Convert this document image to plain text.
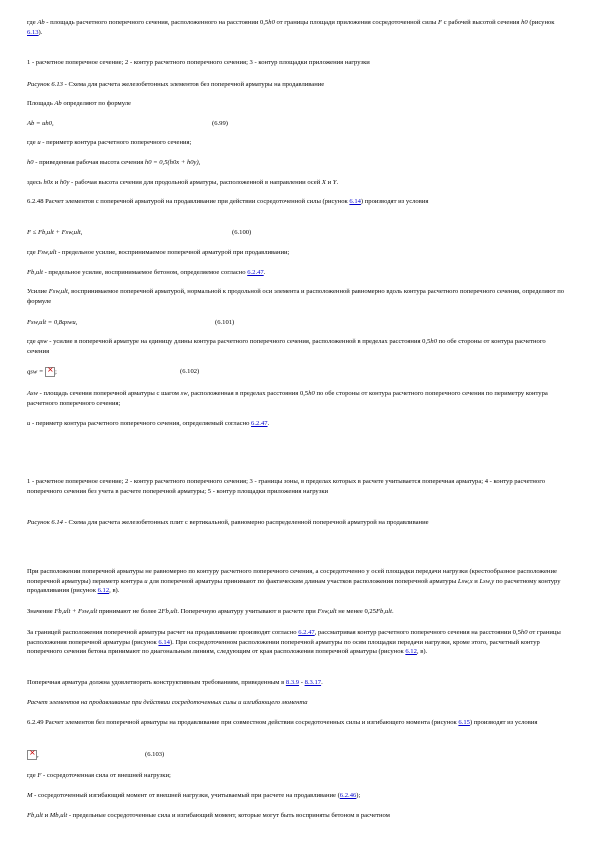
где Ab - площадь расчетного поперечного сечения, расположенного на расстоянии 0,5h0 от границы площади приложения сосредоточенной силы F с рабочей высотой сечения h0 (рисунок 6.13).

1 - расчетное поперечное сечение; 2 - контур расчетного поперечного сечения; 3 - контур площадки приложения нагрузки

Рисунок 6.13 - Схема для расчета железобетонных элементов без поперечной арматуры на продавливание

Площадь Ab определяют по формуле

Ab = uh0,	(6.99)

где u - периметр контура расчетного поперечного сечения;

h0 - приведенная рабочая высота сечения h0 = 0,5(h0x + h0y),

здесь h0x и h0y - рабочая высота сечения для продольной арматуры, расположенной в направлении осей X и Y.

6.2.48 Расчет элементов с поперечной арматурой на продавливание при действии сосредоточенной силы (рисунок 6.14) производят из условия

F ≤ Fb,ult + Fsw,ult,	(6.100)

где Fsw,ult - предельное усилие, воспринимаемое поперечной арматурой при продавливании;

Fb,ult - предельное усилие, воспринимаемое бетоном, определяемое согласно 6.2.47.

Усилие Fsw,ult, воспринимаемое поперечной арматурой, нормальной к продольной оси элемента и расположенной равномерно вдоль контура расчетного поперечного сечения, определяют по формуле

Fsw,ult = 0,8qswu,	(6.101)

где qsw - усилие в поперечной арматуре на единицу длины контура расчетного поперечного сечения, расположенной в пределах расстояния 0,5h0 по обе стороны от контура расчетного сечения

qsw = ×;	(6.102)

Asw - площадь сечения поперечной арматуры с шагом sw, расположенная в пределах расстояния 0,5h0 по обе стороны от контура расчетного поперечного сечения по периметру контура расчетного поперечного сечения;

u - периметр контура расчетного поперечного сечения, определяемый согласно 6.2.47.

1 - расчетное поперечное сечение; 2 - контур расчетного поперечного сечения; 3 - границы зоны, в пределах которых в расчете учитывается поперечная арматура; 4 - контур расчетного поперечного сечения без учета в расчете поперечной арматуры; 5 - контур площадки приложения нагрузки

Рисунок 6.14 - Схема для расчета железобетонных плит с вертикальной, равномерно распределенной поперечной арматурой на продавливание

При расположении поперечной арматуры не равномерно по контуру расчетного поперечного сечения, а сосредоточенно у осей площадки передачи нагрузки (крестообразное расположение поперечной арматуры) периметр контура u для поперечной арматуры принимают по фактическим длинам участков расположения поперечной арматуры Lsw,x и Lsw,y по расчетному контуру продавливания (рисунок 6.12, в).

Значение Fb,ult + Fsw,ult принимают не более 2Fb,ult. Поперечную арматуру учитывают в расчете при Fsw,ult не менее 0,25Fb,ult.

За границей расположения поперечной арматуры расчет на продавливание производят согласно 6.2.47, рассматривая контур расчетного поперечного сечения на расстоянии 0,5h0 от границы расположения поперечной арматуры (рисунок 6.14). При сосредоточенном расположении поперечной арматуры по осям площадки передачи нагрузки, кроме этого, расчетный контур поперечного сечения бетона принимают по диагональным линиям, следующим от края расположения поперечной арматуры (рисунок 6.12, в).

Поперечная арматура должна удовлетворять конструктивным требованиям, приведенным в 8.3.9 - 8.3.17.

Расчет элементов на продавливание при действии сосредоточенных силы и изгибающего момента

6.2.49 Расчет элементов без поперечной арматуры на продавливание при совместном действии сосредоточенных силы и изгибающего момента (рисунок 6.15) производят из условия

×,	(6.103)

где F - сосредоточенная сила от внешней нагрузки;

M - сосредоточенный изгибающий момент от внешней нагрузки, учитываемый при расчете на продавливание (6.2.46);

Fb,ult и Mb,ult - предельные сосредоточенные сила и изгибающий момент, которые могут быть восприняты бетоном в расчетном
